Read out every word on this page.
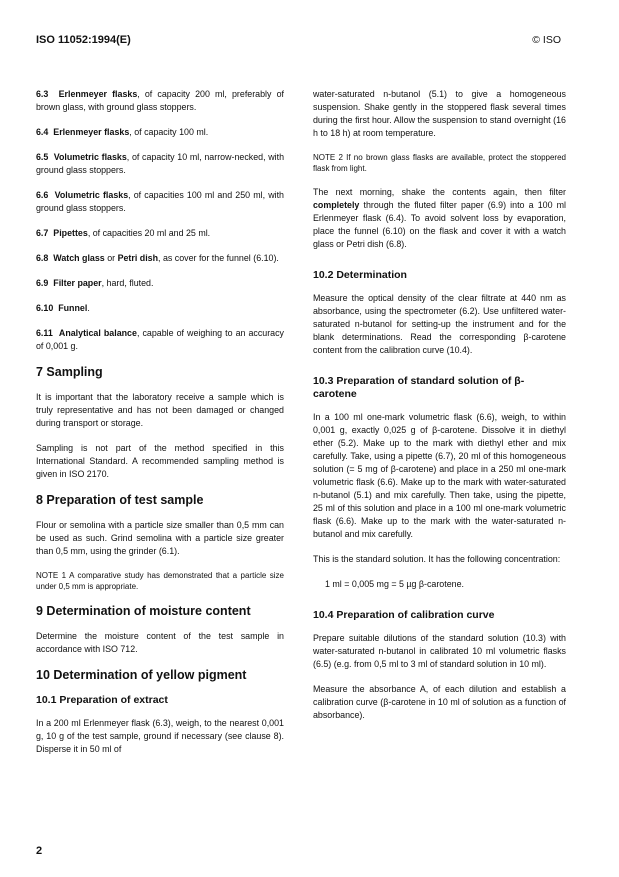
ISO 11052:1994(E)	© ISO

6.3 Erlenmeyer flasks, of capacity 200 ml, preferably of brown glass, with ground glass stoppers.

6.4 Erlenmeyer flasks, of capacity 100 ml.

6.5 Volumetric flasks, of capacity 10 ml, narrow-necked, with ground glass stoppers.

6.6 Volumetric flasks, of capacities 100 ml and 250 ml, with ground glass stoppers.

6.7 Pipettes, of capacities 20 ml and 25 ml.

6.8 Watch glass or Petri dish, as cover for the funnel (6.10).

6.9 Filter paper, hard, fluted.

6.10 Funnel.

6.11 Analytical balance, capable of weighing to an accuracy of 0,001 g.

7 Sampling

It is important that the laboratory receive a sample which is truly representative and has not been damaged or changed during transport or storage.

Sampling is not part of the method specified in this International Standard. A recommended sampling method is given in ISO 2170.

8 Preparation of test sample

Flour or semolina with a particle size smaller than 0,5 mm can be used as such. Grind semolina with a particle size greater than 0,5 mm, using the grinder (6.1).

NOTE 1 A comparative study has demonstrated that a particle size under 0,5 mm is appropriate.

9 Determination of moisture content

Determine the moisture content of the test sample in accordance with ISO 712.

10 Determination of yellow pigment
10.1 Preparation of extract

In a 200 ml Erlenmeyer flask (6.3), weigh, to the nearest 0,001 g, 10 g of the test sample, ground if necessary (see clause 8). Disperse it in 50 ml of

water-saturated n-butanol (5.1) to give a homogeneous suspension. Shake gently in the stoppered flask several times during the first hour. Allow the suspension to stand overnight (16 h to 18 h) at room temperature.

NOTE 2 If no brown glass flasks are available, protect the stoppered flask from light.

The next morning, shake the contents again, then filter completely through the fluted filter paper (6.9) into a 100 ml Erlenmeyer flask (6.4). To avoid solvent loss by evaporation, place the funnel (6.10) on the flask and cover it with a watch glass or Petri dish (6.8).

10.2 Determination

Measure the optical density of the clear filtrate at 440 nm as absorbance, using the spectrometer (6.2). Use unfiltered water-saturated n-butanol for setting-up the instrument and for the blank determinations. Read the corresponding β-carotene content from the calibration curve (10.4).

10.3 Preparation of standard solution of β-carotene

In a 100 ml one-mark volumetric flask (6.6), weigh, to within 0,001 g, exactly 0,025 g of β-carotene. Dissolve it in diethyl ether (5.2). Make up to the mark with diethyl ether and mix carefully. Take, using a pipette (6.7), 20 ml of this homogeneous solution (= 5 mg of β-carotene) and place in a 250 ml one-mark volumetric flask (6.6). Make up to the mark with water-saturated n-butanol (5.1) and mix carefully. Then take, using the pipette, 25 ml of this solution and place in a 100 ml one-mark volumetric flask (6.6). Make up to the mark with the water-saturated n-butanol and mix carefully.

This is the standard solution. It has the following concentration:

1 ml = 0,005 mg = 5 µg β-carotene.

10.4 Preparation of calibration curve

Prepare suitable dilutions of the standard solution (10.3) with water-saturated n-butanol in calibrated 10 ml volumetric flasks (6.5) (e.g. from 0,5 ml to 3 ml of standard solution in 10 ml).

Measure the absorbance A, of each dilution and establish a calibration curve (β-carotene in 10 ml of solution as a function of absorbance).

2
